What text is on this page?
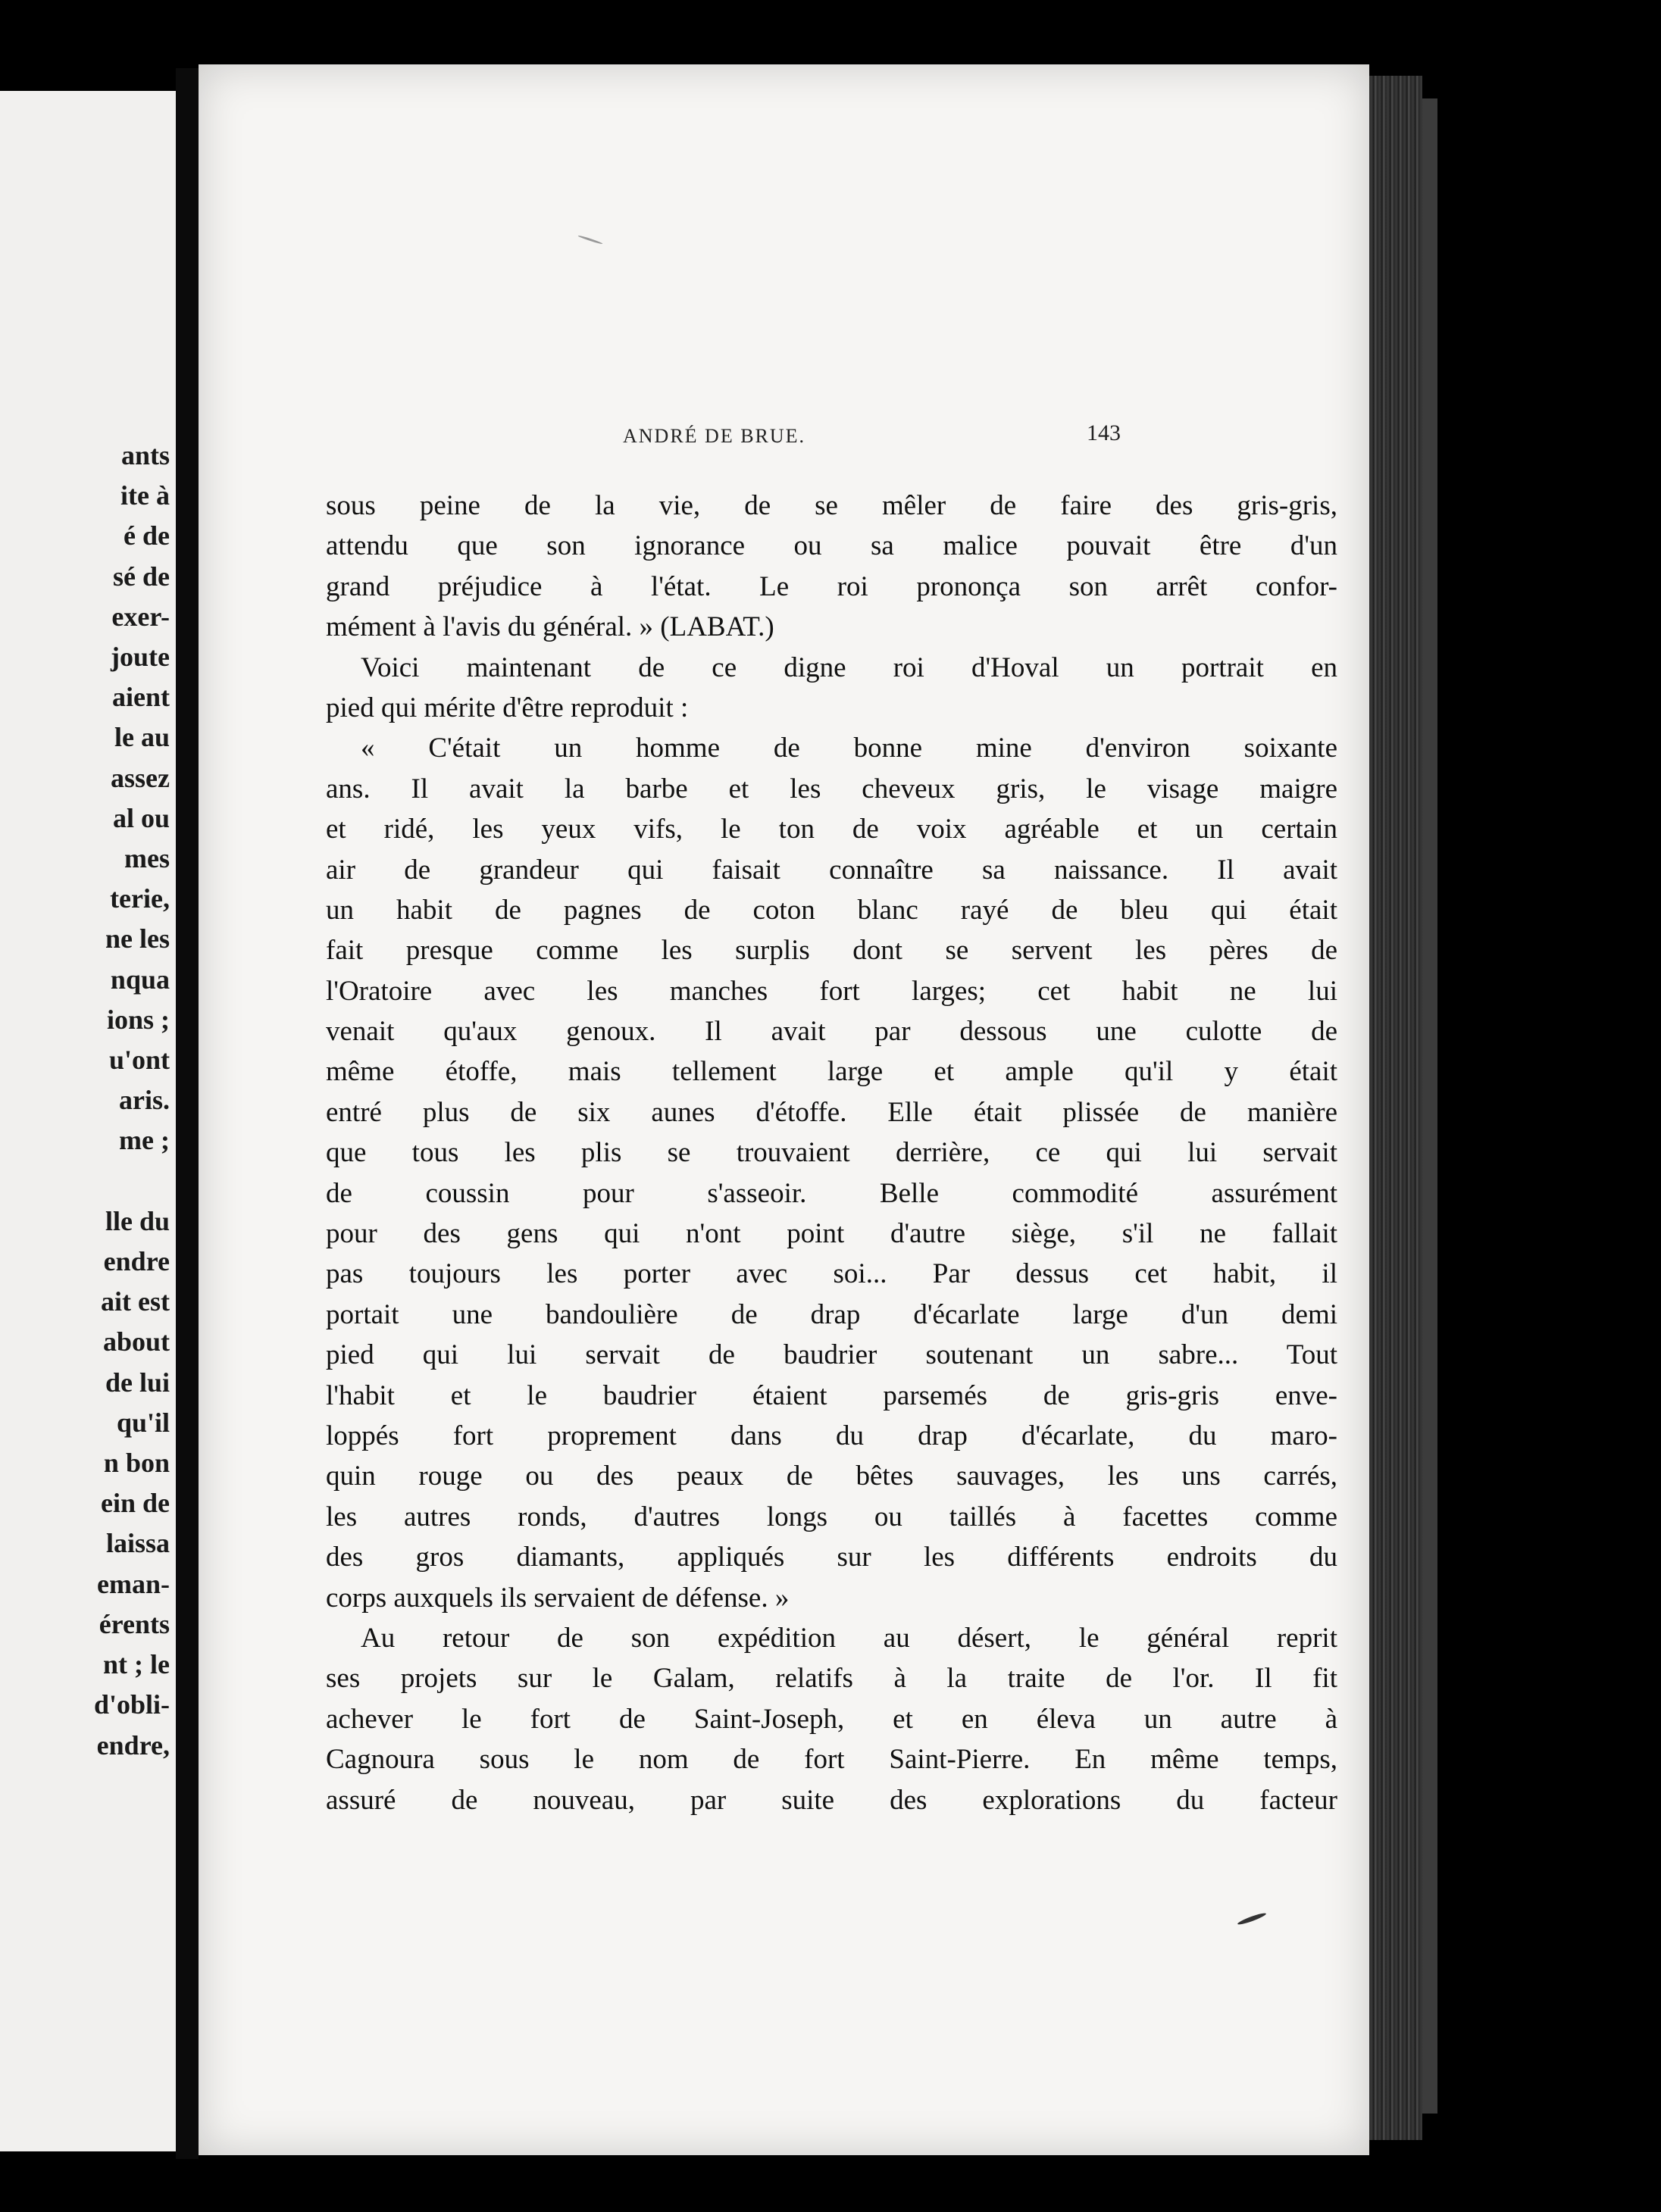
ants
ite à
é de
sé de
exer-
joute
aient
le au
assez
al ou
mes
terie,
ne les
nqua
ions ;
u'ont
aris.
me ;

lle du
endre
ait est
about
de lui
qu'il
n bon
ein de
laissa
eman-
érents
nt ; le
d'obli-
endre,
ANDRÉ DE BRUE.	143
sous peine de la vie, de se mêler de faire des gris-gris,
attendu que son ignorance ou sa malice pouvait être d'un
grand préjudice à l'état. Le roi prononça son arrêt confor-
mément à l'avis du général. » (LABAT.)
Voici maintenant de ce digne roi d'Hoval un portrait en
pied qui mérite d'être reproduit :
« C'était un homme de bonne mine d'environ soixante
ans. Il avait la barbe et les cheveux gris, le visage maigre
et ridé, les yeux vifs, le ton de voix agréable et un certain
air de grandeur qui faisait connaître sa naissance. Il avait
un habit de pagnes de coton blanc rayé de bleu qui était
fait presque comme les surplis dont se servent les pères de
l'Oratoire avec les manches fort larges; cet habit ne lui
venait qu'aux genoux. Il avait par dessous une culotte de
même étoffe, mais tellement large et ample qu'il y était
entré plus de six aunes d'étoffe. Elle était plissée de manière
que tous les plis se trouvaient derrière, ce qui lui servait
de coussin pour s'asseoir. Belle commodité assurément
pour des gens qui n'ont point d'autre siège, s'il ne fallait
pas toujours les porter avec soi... Par dessus cet habit, il
portait une bandoulière de drap d'écarlate large d'un demi
pied qui lui servait de baudrier soutenant un sabre... Tout
l'habit et le baudrier étaient parsemés de gris-gris enve-
loppés fort proprement dans du drap d'écarlate, du maro-
quin rouge ou des peaux de bêtes sauvages, les uns carrés,
les autres ronds, d'autres longs ou taillés à facettes comme
des gros diamants, appliqués sur les différents endroits du
corps auxquels ils servaient de défense. »
Au retour de son expédition au désert, le général reprit
ses projets sur le Galam, relatifs à la traite de l'or. Il fit
achever le fort de Saint-Joseph, et en éleva un autre à
Cagnoura sous le nom de fort Saint-Pierre. En même temps,
assuré de nouveau, par suite des explorations du facteur
